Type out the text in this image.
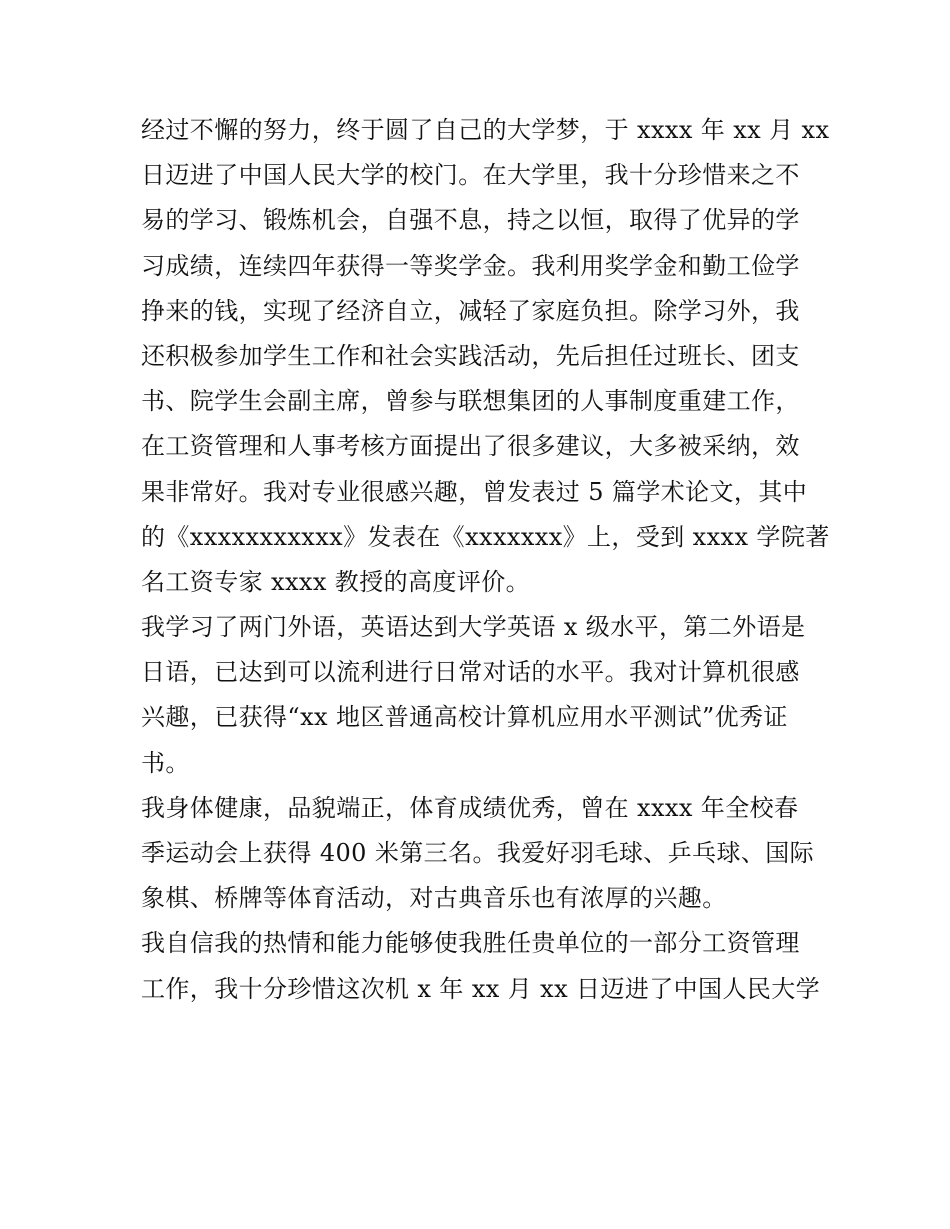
经过不懈的努力，终于圆了自己的大学梦，于 xxxx 年 xx 月 xx
日迈进了中国人民大学的校门。在大学里，我十分珍惜来之不
易的学习、锻炼机会，自强不息，持之以恒，取得了优异的学
习成绩，连续四年获得一等奖学金。我利用奖学金和勤工俭学
挣来的钱，实现了经济自立，减轻了家庭负担。除学习外，我
还积极参加学生工作和社会实践活动，先后担任过班长、团支
书、院学生会副主席，曾参与联想集团的人事制度重建工作，
在工资管理和人事考核方面提出了很多建议，大多被采纳，效
果非常好。我对专业很感兴趣，曾发表过 5 篇学术论文，其中
的《xxxxxxxxxxx》发表在《xxxxxxx》上，受到 xxxx 学院著
名工资专家 xxxx 教授的高度评价。
我学习了两门外语，英语达到大学英语 x 级水平，第二外语是
日语，已达到可以流利进行日常对话的水平。我对计算机很感
兴趣，已获得“xx 地区普通高校计算机应用水平测试”优秀证
书。
我身体健康，品貌端正，体育成绩优秀，曾在 xxxx 年全校春
季运动会上获得 400 米第三名。我爱好羽毛球、乒乓球、国际
象棋、桥牌等体育活动，对古典音乐也有浓厚的兴趣。
我自信我的热情和能力能够使我胜任贵单位的一部分工资管理
工作，我十分珍惜这次机 x 年 xx 月 xx 日迈进了中国人民大学
